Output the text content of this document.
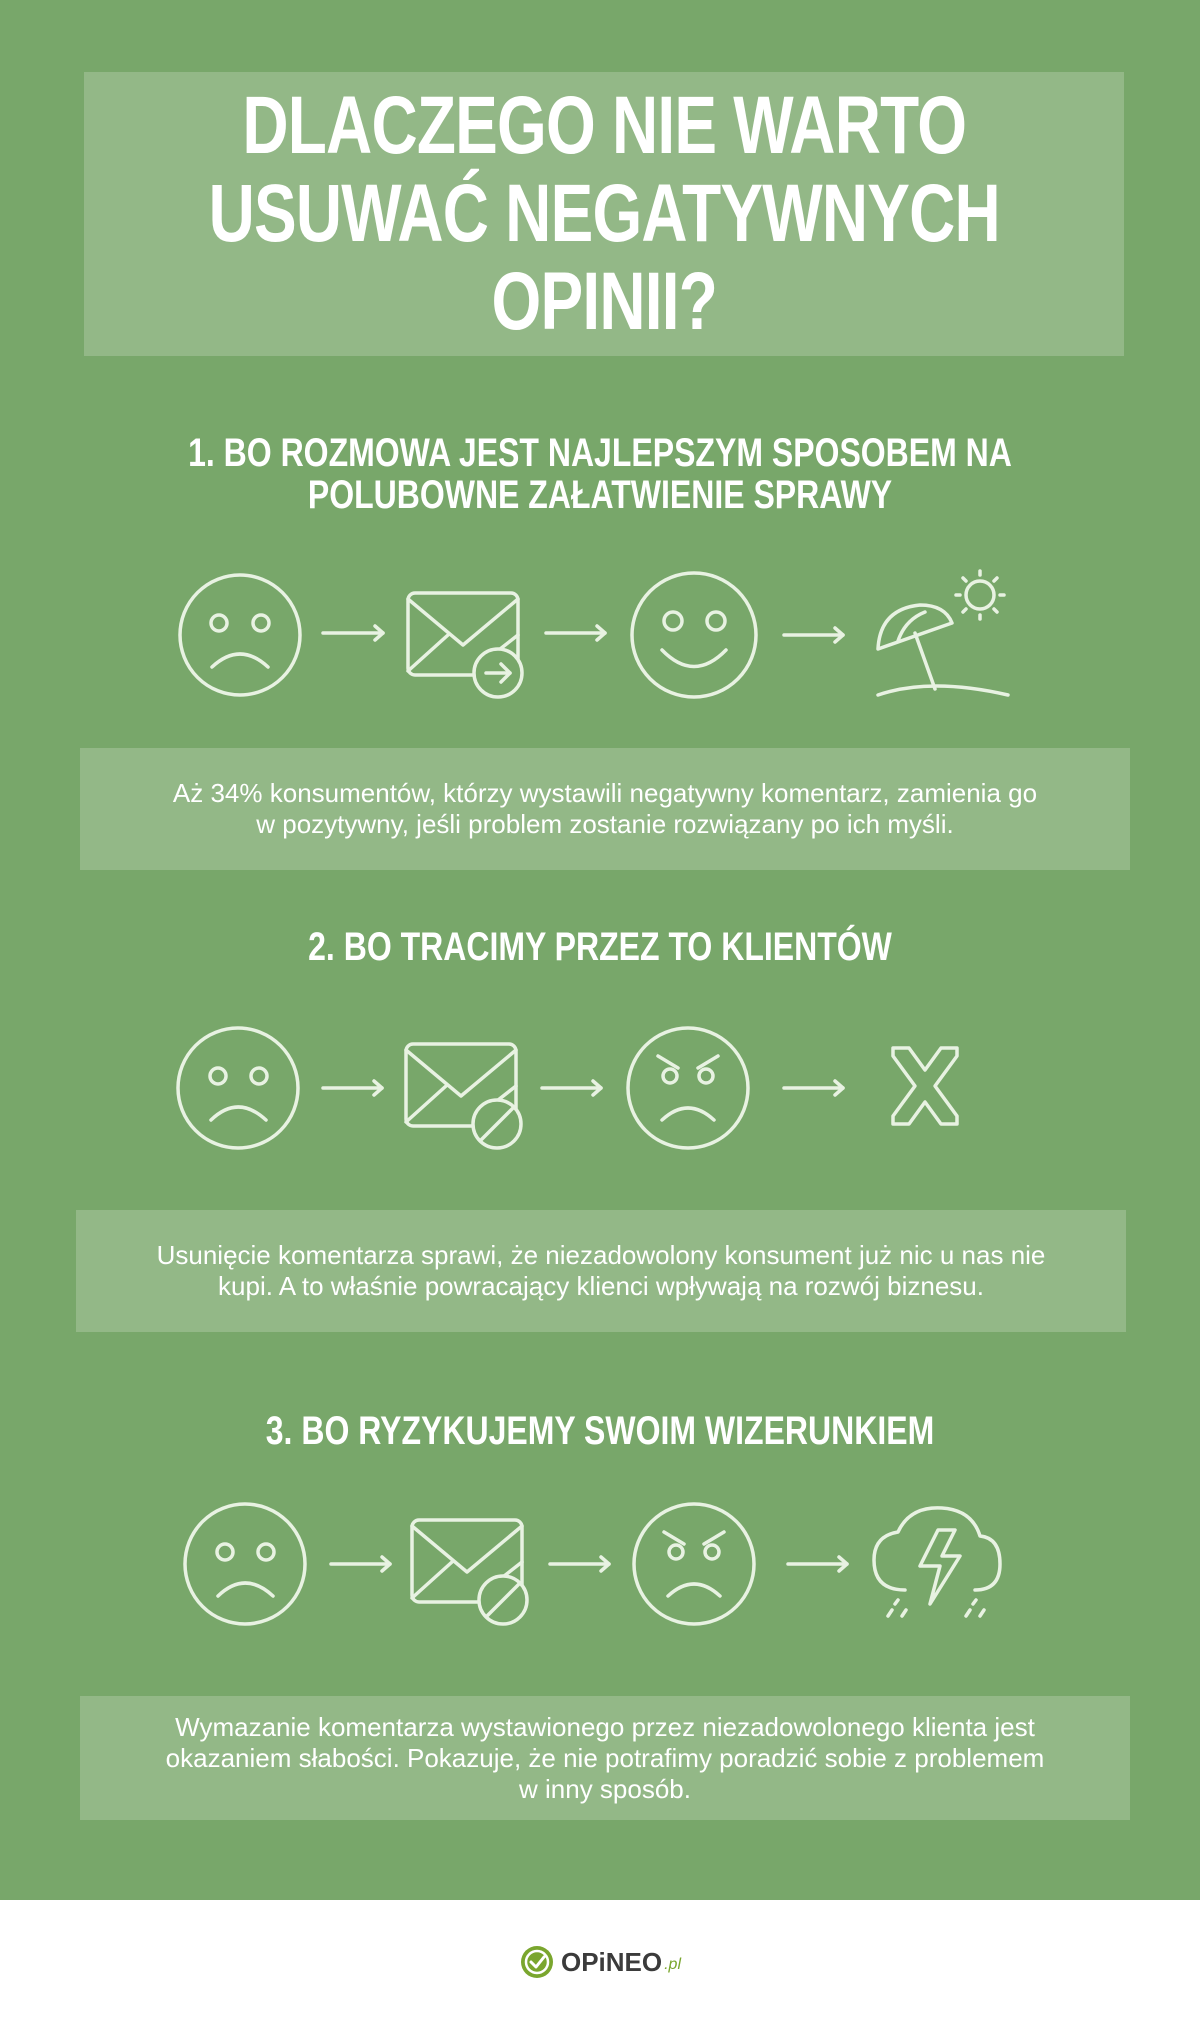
DLACZEGO NIE WARTO
USUWAĆ NEGATYWNYCH
OPINII?
1. BO ROZMOWA JEST NAJLEPSZYM SPOSOBEM NA
POLUBOWNE ZAŁATWIENIE SPRAWY

Aż 34% konsumentów, którzy wystawili negatywny komentarz, zamienia go
w pozytywny, jeśli problem zostanie rozwiązany po ich myśli.

2. BO TRACIMY PRZEZ TO KLIENTÓW

Usunięcie komentarza sprawi, że niezadowolony konsument już nic u nas nie
kupi. A to właśnie powracający klienci wpływają na rozwój biznesu.

3. BO RYZYKUJEMY SWOIM WIZERUNKIEM

Wymazanie komentarza wystawionego przez niezadowolonego klienta jest
okazaniem słabości. Pokazuje, że nie potrafimy poradzić sobie z problemem
w inny sposób.

OPiNEO .pl
